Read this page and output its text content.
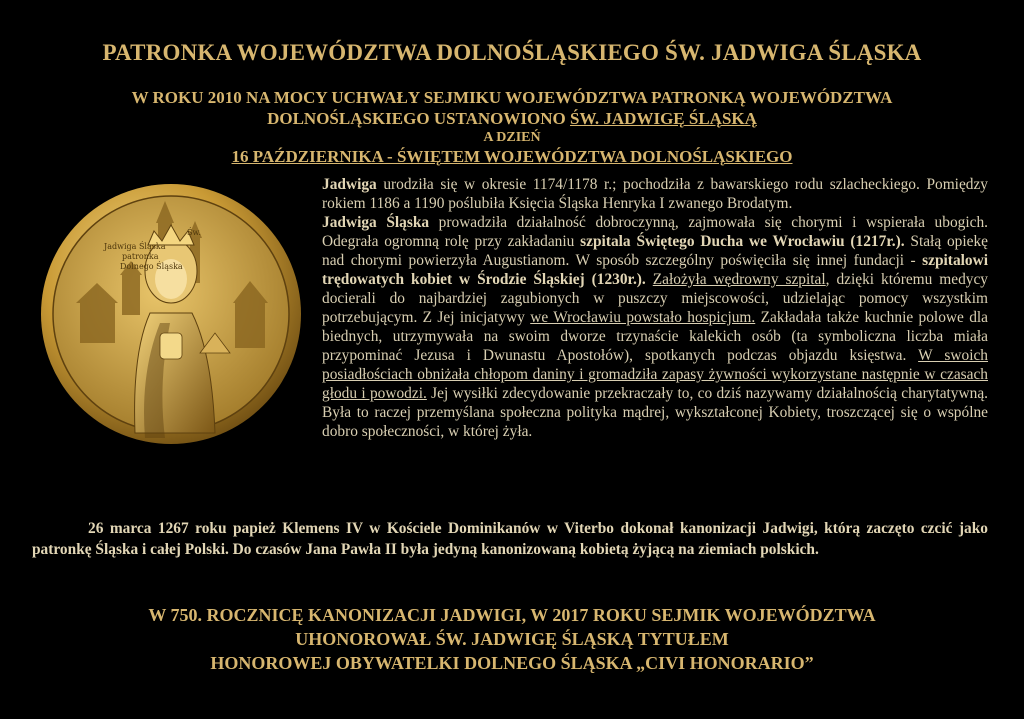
PATRONKA WOJEWÓDZTWA DOLNOŚLĄSKIEGO ŚW. JADWIGA ŚLĄSKA
W ROKU 2010 NA MOCY UCHWAŁY SEJMIKU WOJEWÓDZTWA PATRONKĄ WOJEWÓDZTWA
DOLNOŚLĄSKIEGO USTANOWIONO ŚW. JADWIGĘ ŚLĄSKĄ
A DZIEŃ
16 PAŹDZIERNIKA - ŚWIĘTEM WOJEWÓDZTWA DOLNOŚLĄSKIEGO
Św.
Jadwiga Śląska
patronka
Dolnego Śląska
Jadwiga urodziła się w okresie 1174/1178 r.; pochodziła z bawarskiego rodu szlacheckiego. Pomiędzy rokiem 1186 a 1190 poślubiła Księcia Śląska Henryka I zwanego Brodatym.
Jadwiga Śląska prowadziła działalność dobroczynną, zajmowała się chorymi i wspierała ubogich. Odegrała ogromną rolę przy zakładaniu szpitala Świętego Ducha we Wrocławiu (1217r.). Stałą opiekę nad chorymi powierzyła Augustianom. W sposób szczególny poświęciła się innej fundacji - szpitalowi trędowatych kobiet w Środzie Śląskiej (1230r.). Założyła wędrowny szpital, dzięki któremu medycy docierali do najbardziej zagubionych w puszczy miejscowości, udzielając pomocy wszystkim potrzebującym. Z Jej inicjatywy we Wrocławiu powstało hospicjum. Zakładała także kuchnie polowe dla biednych, utrzymywała na swoim dworze trzynaście kalekich osób (ta symboliczna liczba miała przypominać Jezusa i Dwunastu Apostołów), spotkanych podczas objazdu księstwa. W swoich posiadłościach obniżała chłopom daniny i gromadziła zapasy żywności wykorzystane następnie w czasach głodu i powodzi. Jej wysiłki zdecydowanie przekraczały to, co dziś nazywamy działalnością charytatywną. Była to raczej przemyślana społeczna polityka mądrej, wykształconej Kobiety, troszczącej się o wspólne dobro społeczności, w której żyła.
26 marca 1267 roku papież Klemens IV w Kościele Dominikanów w Viterbo dokonał kanonizacji Jadwigi, którą zaczęto czcić jako patronkę Śląska i całej Polski. Do czasów Jana Pawła II była jedyną kanonizowaną kobietą żyjącą na ziemiach polskich.
W 750. ROCZNICĘ KANONIZACJI JADWIGI, W 2017 ROKU SEJMIK WOJEWÓDZTWA
UHONOROWAŁ ŚW. JADWIGĘ ŚLĄSKĄ TYTUŁEM
HONOROWEJ OBYWATELKI DOLNEGO ŚLĄSKA „CIVI HONORARIO”
